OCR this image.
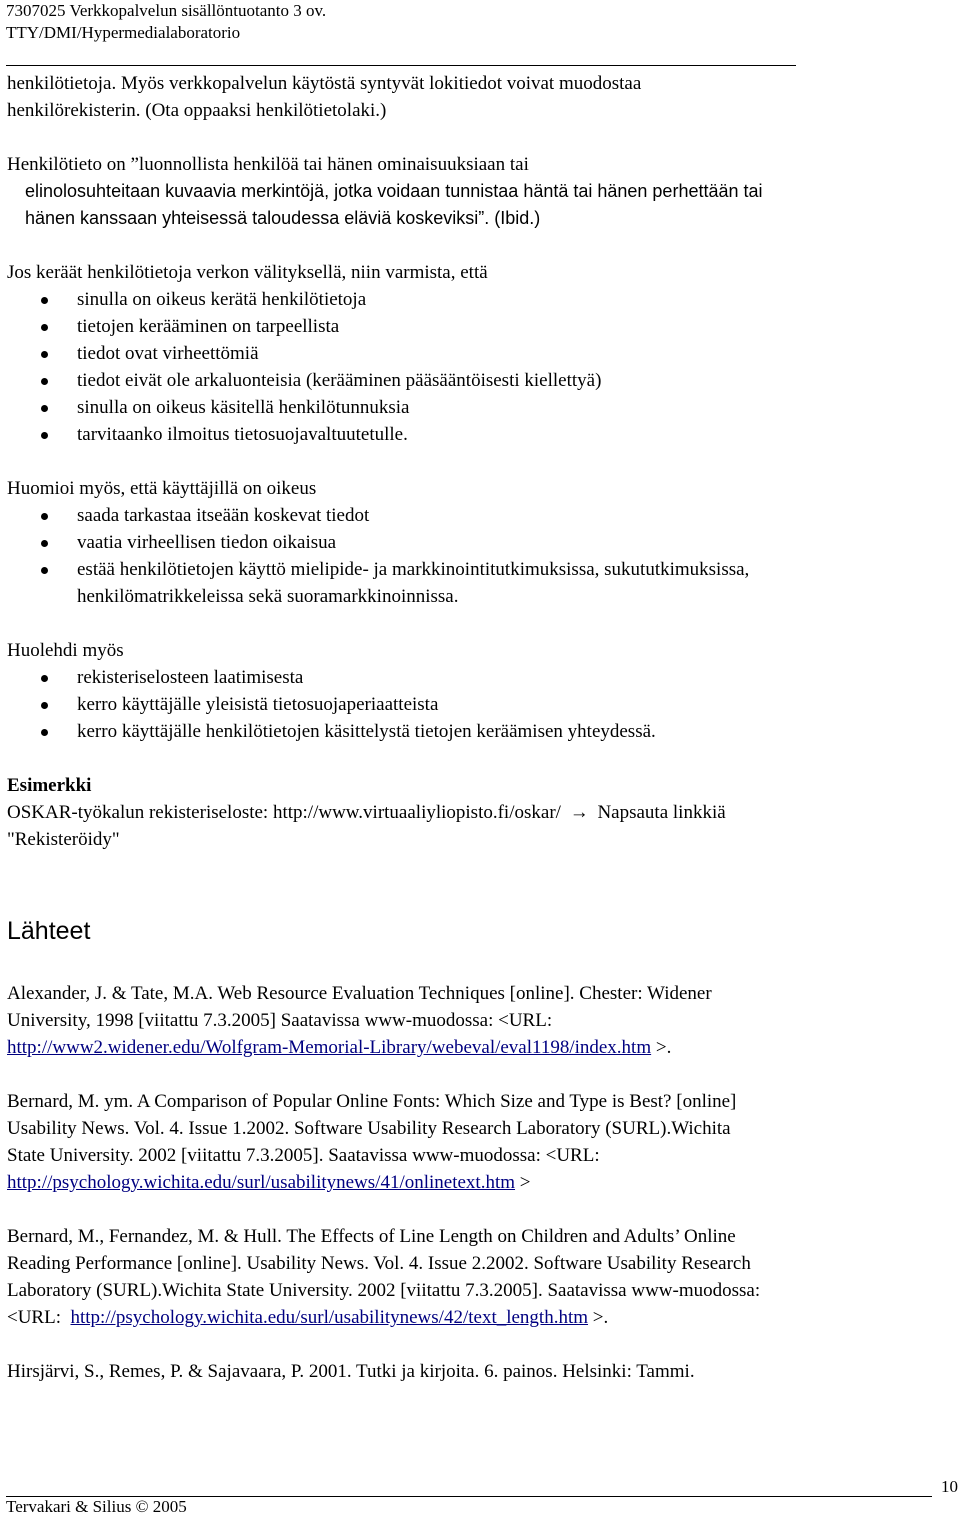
7307025 Verkkopalvelun sisällöntuotanto 3 ov.
TTY/DMI/Hypermedialaboratorio

henkilötietoja. Myös verkkopalvelun käytöstä syntyvät lokitiedot voivat muodostaa
henkilörekisterin. (Ota oppaaksi henkilötietolaki.)

Henkilötieto on ”luonnollista henkilöä tai hänen ominaisuuksiaan tai
elinolosuhteitaan kuvaavia merkintöjä, jotka voidaan tunnistaa häntä tai hänen perhettään tai
hänen kanssaan yhteisessä taloudessa eläviä koskeviksi”. (Ibid.)

Jos keräät henkilötietoja verkon välityksellä, niin varmista, että

sinulla on oikeus kerätä henkilötietoja
tietojen kerääminen on tarpeellista
tiedot ovat virheettömiä
tiedot eivät ole arkaluonteisia (kerääminen pääsääntöisesti kiellettyä)
sinulla on oikeus käsitellä henkilötunnuksia
tarvitaanko ilmoitus tietosuojavaltuutetulle.

Huomioi myös, että käyttäjillä on oikeus

saada tarkastaa itseään koskevat tiedot
vaatia virheellisen tiedon oikaisua
estää henkilötietojen käyttö mielipide- ja markkinointitutkimuksissa, sukututkimuksissa,
henkilömatrikkeleissa sekä suoramarkkinoinnissa.

Huolehdi myös

rekisteriselosteen laatimisesta
kerro käyttäjälle yleisistä tietosuojaperiaatteista
kerro käyttäjälle henkilötietojen käsittelystä tietojen keräämisen yhteydessä.

Esimerkki

OSKAR-työkalun rekisteriseloste: http://www.virtuaaliyliopisto.fi/oskar/ → Napsauta linkkiä
"Rekisteröidy"

Lähteet

Alexander, J. & Tate, M.A. Web Resource Evaluation Techniques [online]. Chester: Widener
University, 1998 [viitattu 7.3.2005] Saatavissa www-muodossa: <URL:
http://www2.widener.edu/Wolfgram-Memorial-Library/webeval/eval1198/index.htm >.

Bernard, M. ym. A Comparison of Popular Online Fonts: Which Size and Type is Best? [online]
Usability News. Vol. 4. Issue 1.2002. Software Usability Research Laboratory (SURL).Wichita
State University. 2002 [viitattu 7.3.2005]. Saatavissa www-muodossa: <URL:
http://psychology.wichita.edu/surl/usabilitynews/41/onlinetext.htm >

Bernard, M., Fernandez, M. & Hull. The Effects of Line Length on Children and Adults’ Online
Reading Performance [online]. Usability News. Vol. 4. Issue 2.2002. Software Usability Research
Laboratory (SURL).Wichita State University. 2002 [viitattu 7.3.2005]. Saatavissa www-muodossa:
<URL:  http://psychology.wichita.edu/surl/usabilitynews/42/text_length.htm >.

Hirsjärvi, S., Remes, P. & Sajavaara, P. 2001. Tutki ja kirjoita. 6. painos. Helsinki: Tammi.

10
Tervakari & Silius © 2005
